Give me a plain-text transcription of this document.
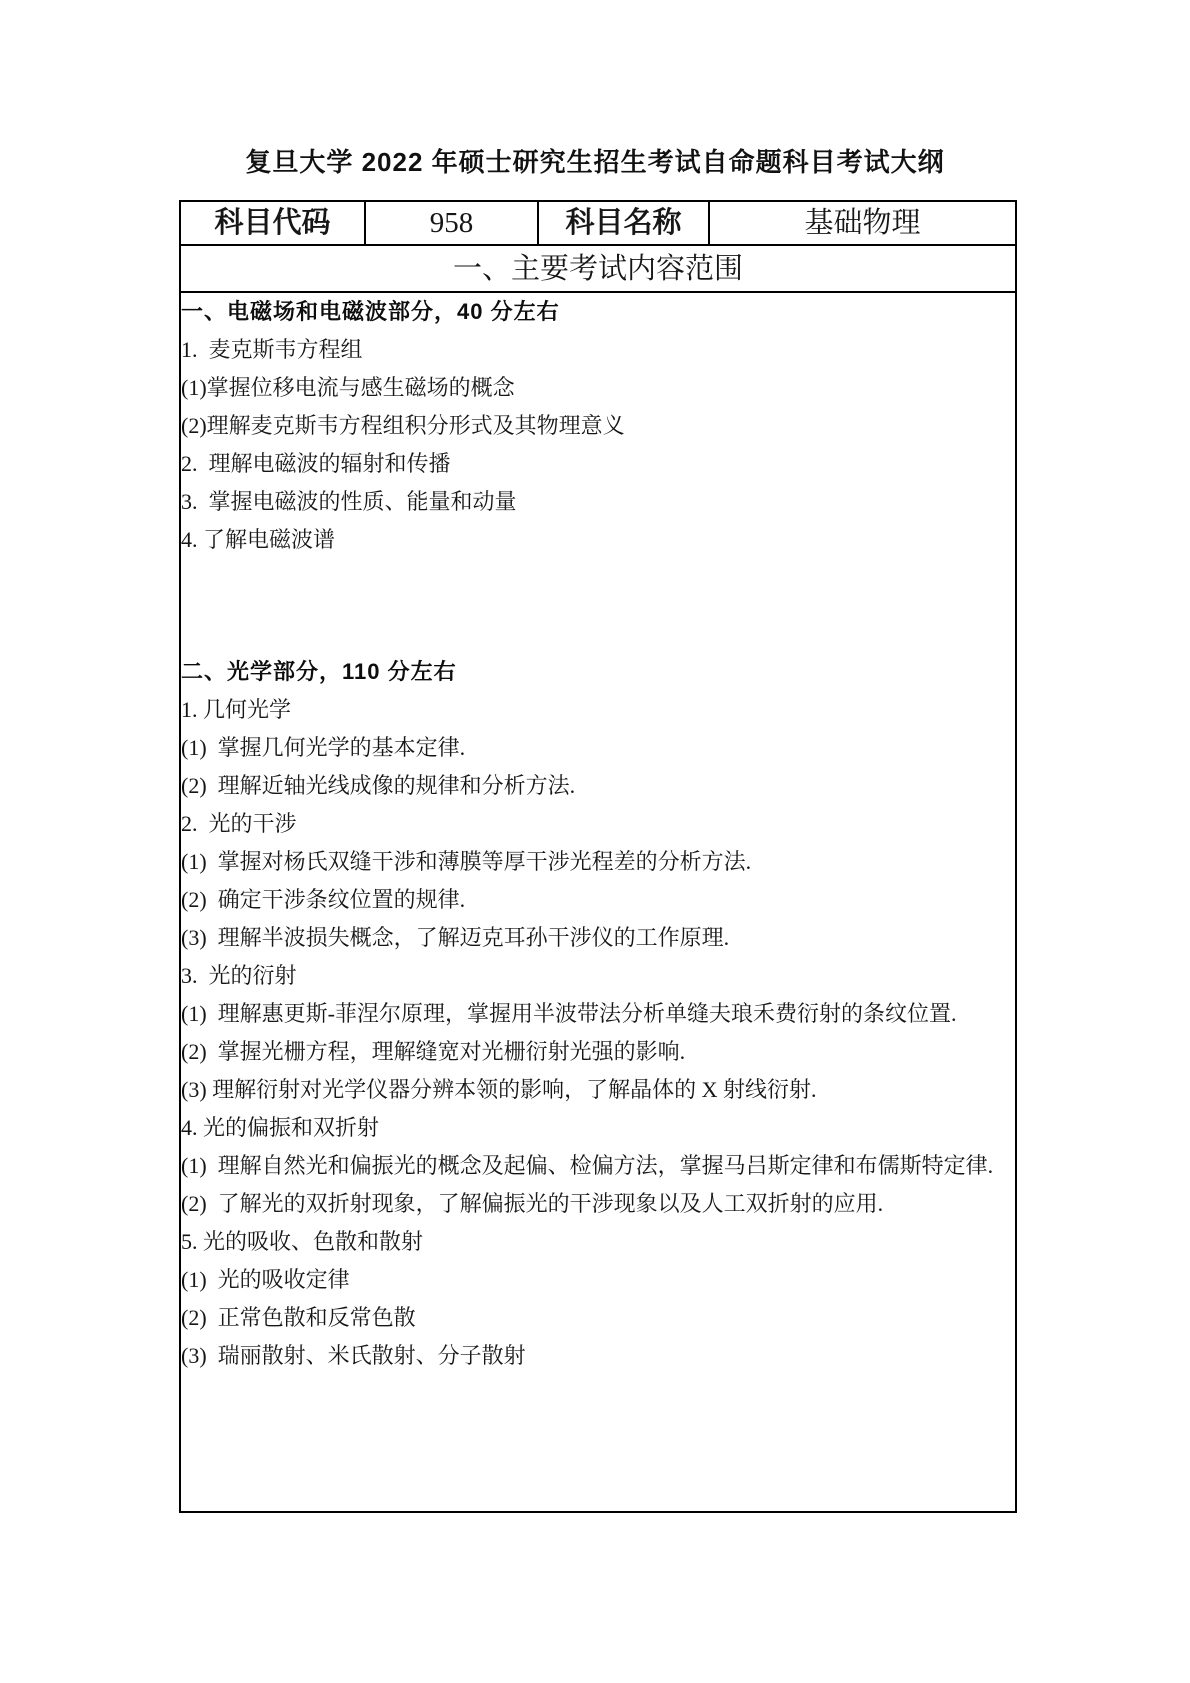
复旦大学 2022 年硕士研究生招生考试自命题科目考试大纲
科目代码	958	科目名称	基础物理
一、主要考试内容范围

一、电磁场和电磁波部分，40 分左右

1.  麦克斯韦方程组

(1)掌握位移电流与感生磁场的概念

(2)理解麦克斯韦方程组积分形式及其物理意义

2.  理解电磁波的辐射和传播

3.  掌握电磁波的性质、能量和动量

4. 了解电磁波谱

二、光学部分，110 分左右

1. 几何光学

(1)  掌握几何光学的基本定律.

(2)  理解近轴光线成像的规律和分析方法.

2.  光的干涉

(1)  掌握对杨氏双缝干涉和薄膜等厚干涉光程差的分析方法.

(2)  确定干涉条纹位置的规律.

(3)  理解半波损失概念，了解迈克耳孙干涉仪的工作原理.

3.  光的衍射

(1)  理解惠更斯-菲涅尔原理，掌握用半波带法分析单缝夫琅禾费衍射的条纹位置.

(2)  掌握光栅方程，理解缝宽对光栅衍射光强的影响.

(3) 理解衍射对光学仪器分辨本领的影响，了解晶体的 X 射线衍射.

4. 光的偏振和双折射

(1)  理解自然光和偏振光的概念及起偏、检偏方法，掌握马吕斯定律和布儒斯特定律.

(2)  了解光的双折射现象，了解偏振光的干涉现象以及人工双折射的应用.

5. 光的吸收、色散和散射

(1)  光的吸收定律

(2)  正常色散和反常色散

(3)  瑞丽散射、米氏散射、分子散射
